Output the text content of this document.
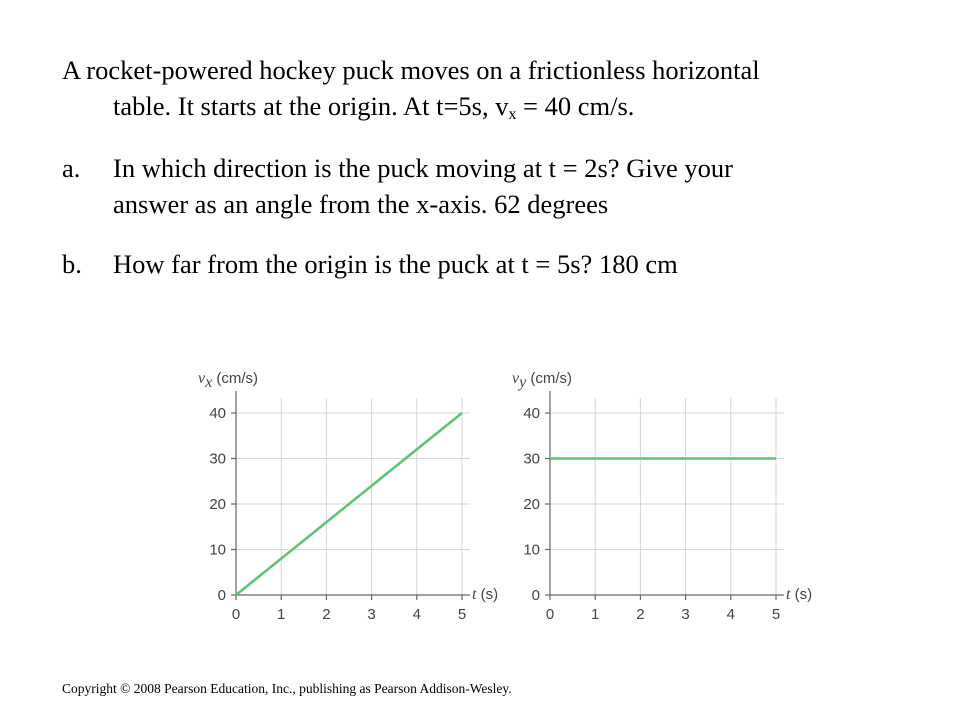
A rocket-powered hockey puck moves on a frictionless horizontal
table. It starts at the origin. At t=5s, $v_x = 40$ cm/s.
a. In which direction is the puck moving at t = 2s? Give your
answer as an angle from the x-axis. 62 degrees
b. How far from the origin is the puck at t = 5s? 180 cm
0 1 2 3 4 5
0
10
20
30
40
vx (cm/s)
t (s)
0 1 2 3 4 5
0
10
20
30
40
vy (cm/s)
t (s)
Copyright © 2008 Pearson Education, Inc., publishing as Pearson Addison-Wesley.
